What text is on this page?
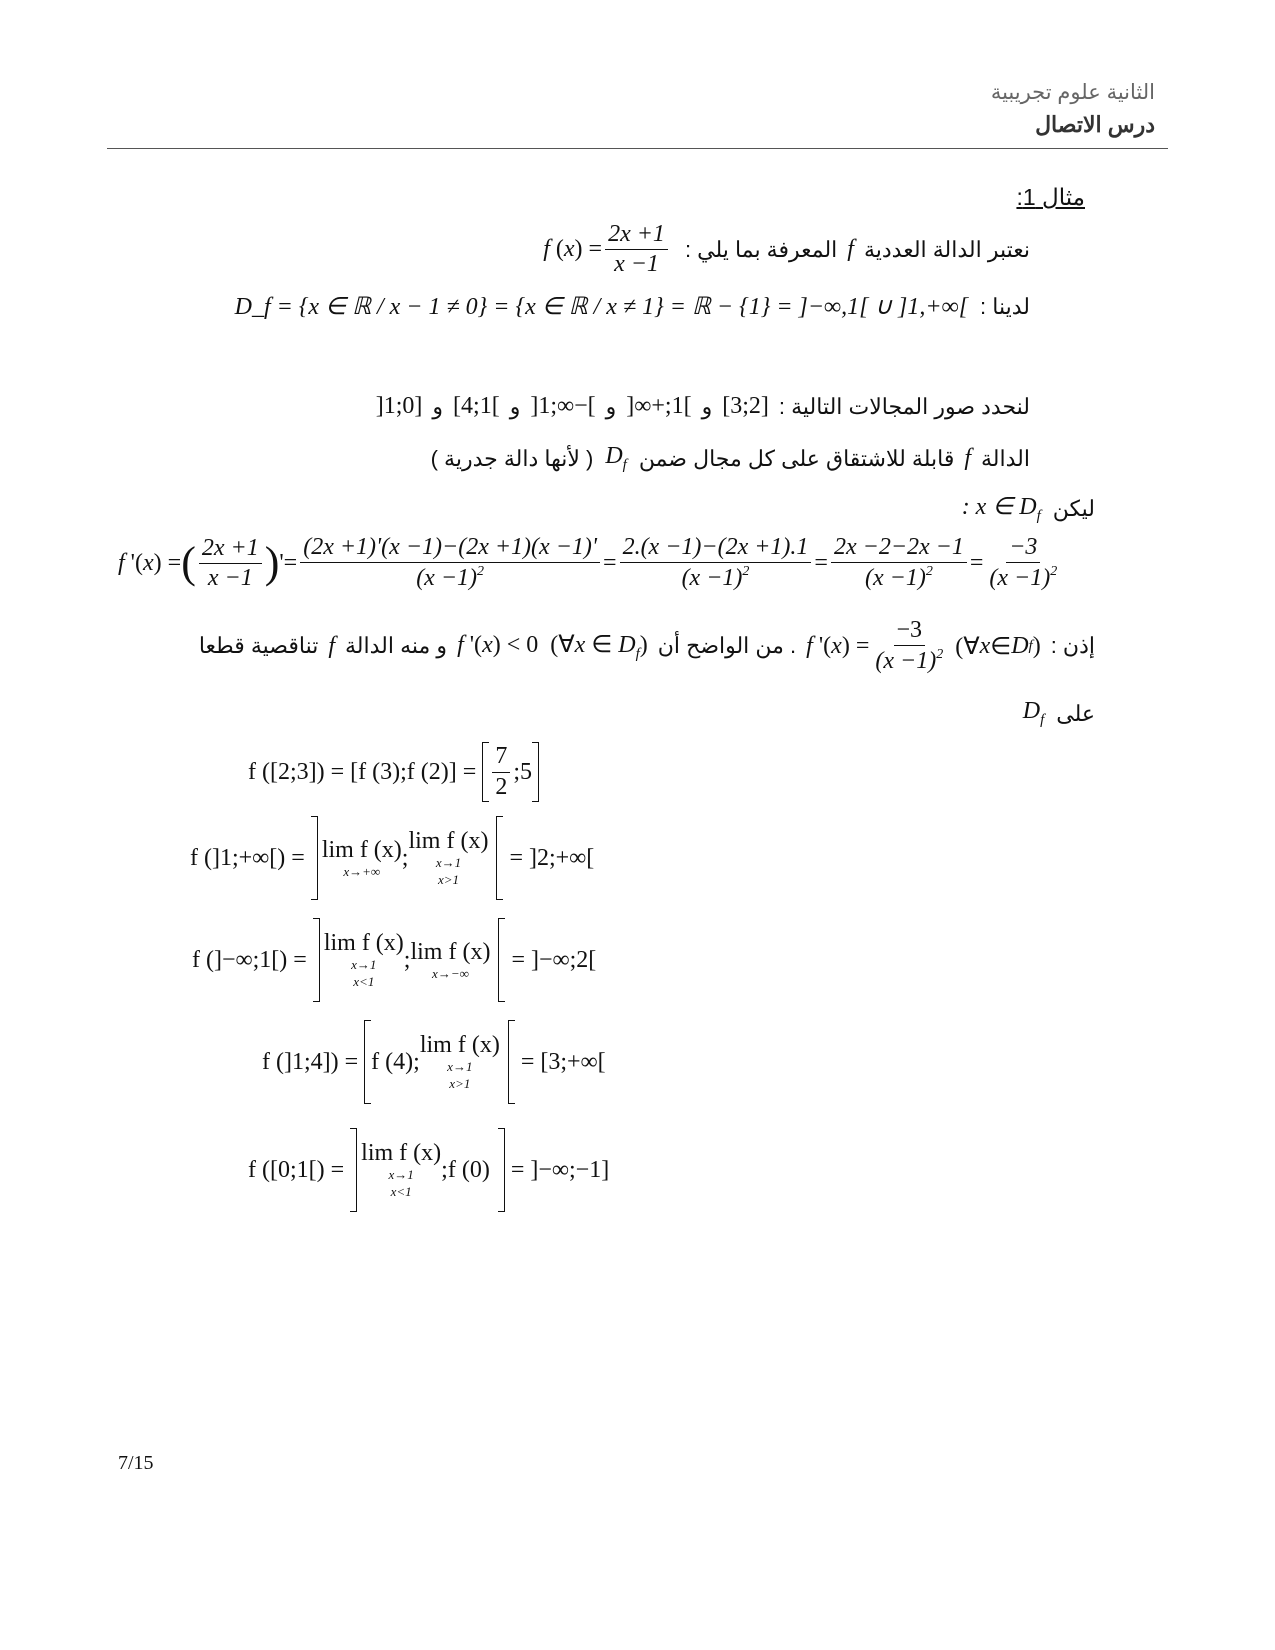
الثانية علوم تجريبية
درس الاتصال
مثال 1:
نعتبر الدالة العددية
f
المعرفة بما يلي :
f ( x ) = $\frac{2x +1}{x -1}$
لدينا :
D_f = {x ∈ ℝ / x − 1 ≠ 0} = {x ∈ ℝ / x ≠ 1} = ℝ − {1} = ]−∞,1[ ∪ ]1,+∞[
لنحدد صور المجالات التالية :
[2;3]
و
]1;+∞[
و
]−∞;1[
و
]1;4]
و
[0;1[
الدالة
f
قابلة للاشتقاق على كل مجال ضمن
$D_f$
( لأنها دالة جدرية )
ليكن
: x ∈ $D_f$
f '( x ) = ( $\frac{2x +1}{x -1}$ ) '= $\frac{(2x +1)'(x -1)-(2x +1)(x -1)'}{(x -1)^2} = \frac{2.(x -1)-(2x +1).1}{(x -1)^2} = \frac{2x -2-2x -1}{(x -1)^2} = \frac{-3}{(x -1)^2}$
إذن :
f '( x ) = $\frac{-3}{(x -1)^2}$ (∀ x ∈ D f )
. من الواضح أن
f '(x) < 0  (∀x ∈ $D_f$)
و منه الدالة
f
تناقصية قطعا
على
$D_f$
f ([2;3]) =
[f (3);f $(2)] = \frac{7}{2}$ ;5
f (]1;+∞[) =
lim f (x)
x→+∞
;
lim f (x)
x→1
x>1

= ]2;+∞[
f (]−∞;1[) =

lim f (x)
x→1
x<1
; lim f (x)
x→−∞

= ]−∞;2[
f (]1;4]) =
f (4) ;
lim f (x)
x→1
x>1

= [3;+∞[
f ([0;1[) =

lim f (x)
x→1
x<1
; f (0)
= ]−∞;−1]
7/15
